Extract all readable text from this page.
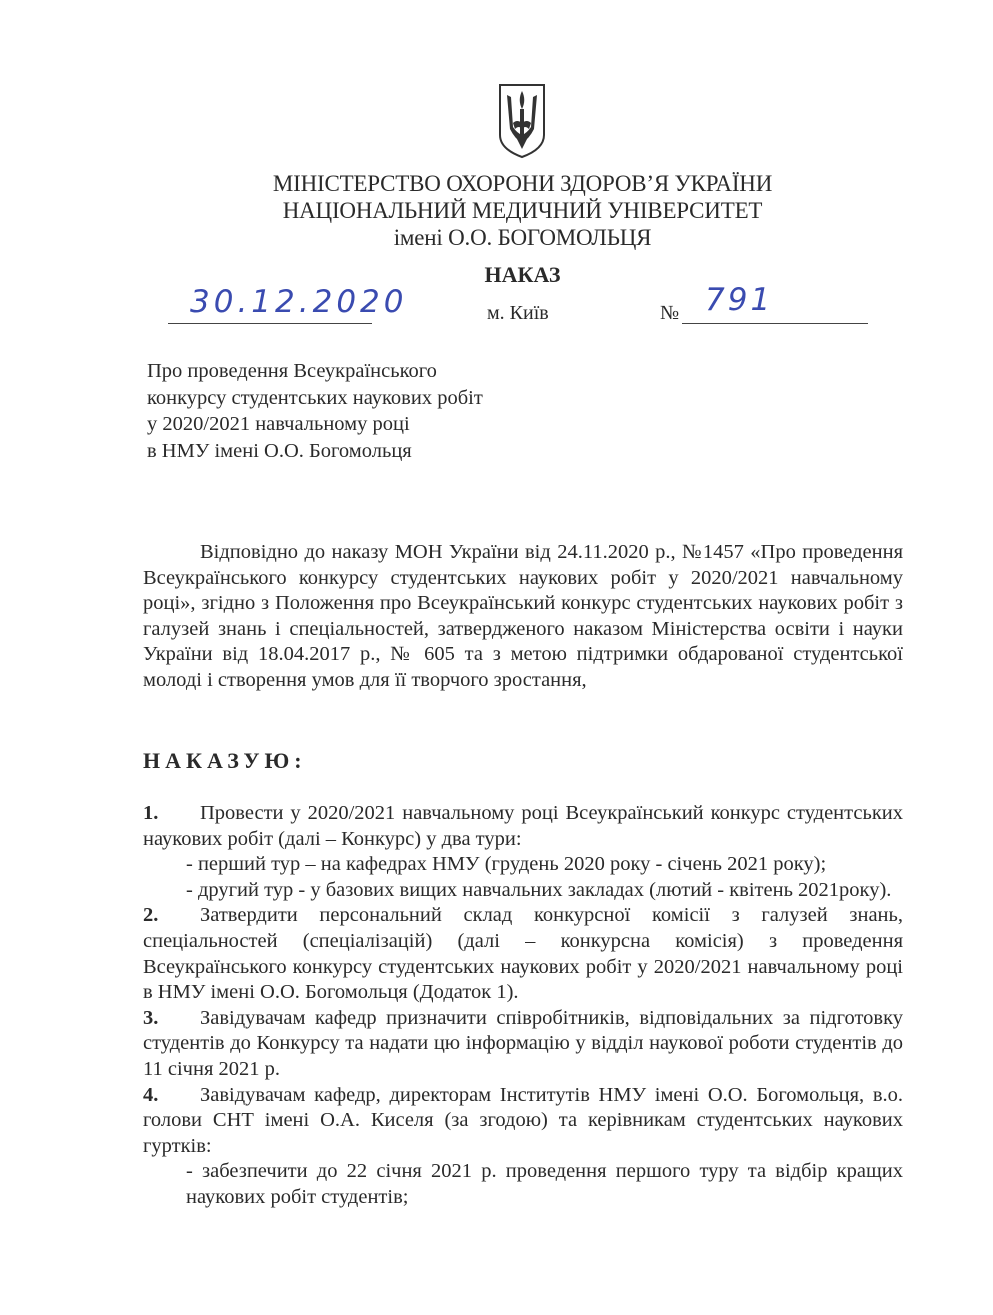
МІНІСТЕРСТВО ОХОРОНИ ЗДОРОВ’Я УКРАЇНИ
НАЦІОНАЛЬНИЙ МЕДИЧНИЙ УНІВЕРСИТЕТ
імені О.О. БОГОМОЛЬЦЯ
НАКАЗ
30.12.2020	м. Київ	№ 791
Про проведення Всеукраїнського
конкурсу студентських наукових робіт
у 2020/2021 навчальному році
в НМУ імені О.О. Богомольця
Відповідно до наказу МОН України від 24.11.2020 р., №1457 «Про проведення Всеукраїнського конкурсу студентських наукових робіт у 2020/2021 навчальному році», згідно з Положення про Всеукраїнський конкурс студентських наукових робіт з галузей знань і спеціальностей, затвердженого наказом Міністерства освіти і науки України від 18.04.2017 р., № 605 та з метою підтримки обдарованої студентської молоді і створення умов для її творчого зростання,
НАКАЗУЮ:
1. Провести у 2020/2021 навчальному році Всеукраїнський конкурс студентських наукових робіт (далі – Конкурс) у два тури:
- перший тур – на кафедрах НМУ (грудень 2020 року - січень 2021 року);
- другий тур - у базових вищих навчальних закладах (лютий - квітень 2021року).
2. Затвердити персональний склад конкурсної комісії з галузей знань, спеціальностей (спеціалізацій) (далі – конкурсна комісія) з проведення Всеукраїнського конкурсу студентських наукових робіт у 2020/2021 навчальному році в НМУ імені О.О. Богомольця (Додаток 1).
3. Завідувачам кафедр призначити співробітників, відповідальних за підготовку студентів до Конкурсу та надати цю інформацію у відділ наукової роботи студентів до 11 січня 2021 р.
4. Завідувачам кафедр, директорам Інститутів НМУ імені О.О. Богомольця, в.о. голови СНТ імені О.А. Киселя (за згодою) та керівникам студентських наукових гуртків:
- забезпечити до 22 січня 2021 р. проведення першого туру та відбір кращих наукових робіт студентів;
